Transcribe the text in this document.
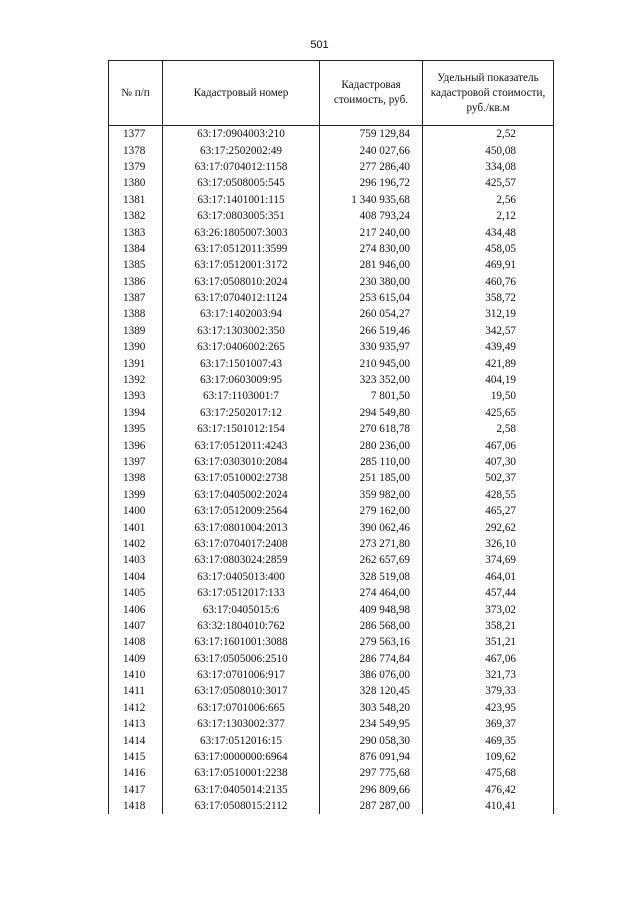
501
№ п/п	Кадастровый номер	Кадастровая стоимость, руб.	Удельный показатель кадастровой стоимости, руб./кв.м
1377	63:17:0904003:210	759 129,84	2,52
1378	63:17:2502002:49	240 027,66	450,08
1379	63:17:0704012:1158	277 286,40	334,08
1380	63:17:0508005:545	296 196,72	425,57
1381	63:17:1401001:115	1 340 935,68	2,56
1382	63:17:0803005:351	408 793,24	2,12
1383	63:26:1805007:3003	217 240,00	434,48
1384	63:17:0512011:3599	274 830,00	458,05
1385	63:17:0512001:3172	281 946,00	469,91
1386	63:17:0508010:2024	230 380,00	460,76
1387	63:17:0704012:1124	253 615,04	358,72
1388	63:17:1402003:94	260 054,27	312,19
1389	63:17:1303002:350	266 519,46	342,57
1390	63:17:0406002:265	330 935,97	439,49
1391	63:17:1501007:43	210 945,00	421,89
1392	63:17:0603009:95	323 352,00	404,19
1393	63:17:1103001:7	7 801,50	19,50
1394	63:17:2502017:12	294 549,80	425,65
1395	63:17:1501012:154	270 618,78	2,58
1396	63:17:0512011:4243	280 236,00	467,06
1397	63:17:0303010:2084	285 110,00	407,30
1398	63:17:0510002:2738	251 185,00	502,37
1399	63:17:0405002:2024	359 982,00	428,55
1400	63:17:0512009:2564	279 162,00	465,27
1401	63:17:0801004:2013	390 062,46	292,62
1402	63:17:0704017:2408	273 271,80	326,10
1403	63:17:0803024:2859	262 657,69	374,69
1404	63:17:0405013:400	328 519,08	464,01
1405	63:17:0512017:133	274 464,00	457,44
1406	63:17:0405015:6	409 948,98	373,02
1407	63:32:1804010:762	286 568,00	358,21
1408	63:17:1601001:3088	279 563,16	351,21
1409	63:17:0505006:2510	286 774,84	467,06
1410	63:17:0701006:917	386 076,00	321,73
1411	63:17:0508010:3017	328 120,45	379,33
1412	63:17:0701006:665	303 548,20	423,95
1413	63:17:1303002:377	234 549,95	369,37
1414	63:17:0512016:15	290 058,30	469,35
1415	63:17:0000000:6964	876 091,94	109,62
1416	63:17:0510001:2238	297 775,68	475,68
1417	63:17:0405014:2135	296 809,66	476,42
1418	63:17:0508015:2112	287 287,00	410,41
